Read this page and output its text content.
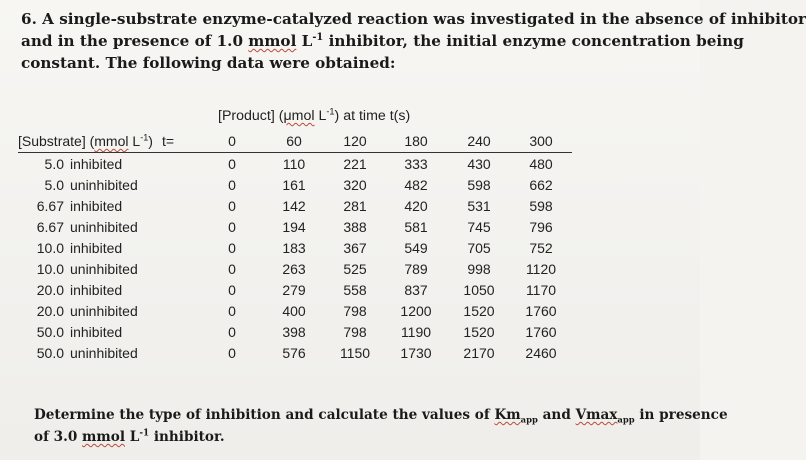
6. A single-substrate enzyme-catalyzed reaction was investigated in the absence of inhibitor
and in the presence of 1.0 mmol $L^{-1}$ inhibitor, the initial enzyme concentration being
constant. The following data were obtained:
[Product] (μmol $L^{-1}$) at time t(s)
[Substrate] (mmol $L^{-1}$)		t=	0	60	120	180	240	300
5.0	inhibited		0	110	221	333	430	480
5.0	uninhibited		0	161	320	482	598	662
6.67	inhibited		0	142	281	420	531	598
6.67	uninhibited		0	194	388	581	745	796
10.0	inhibited		0	183	367	549	705	752
10.0	uninhibited		0	263	525	789	998	1120
20.0	inhibited		0	279	558	837	1050	1170
20.0	uninhibited		0	400	798	1200	1520	1760
50.0	inhibited		0	398	798	1190	1520	1760
50.0	uninhibited		0	576	1150	1730	2170	2460
Determine the type of inhibition and calculate the values of $Km_{app}$ and Vmax$_{app}$ in presence
of 3.0 mmol $L^{-1}$ inhibitor.
